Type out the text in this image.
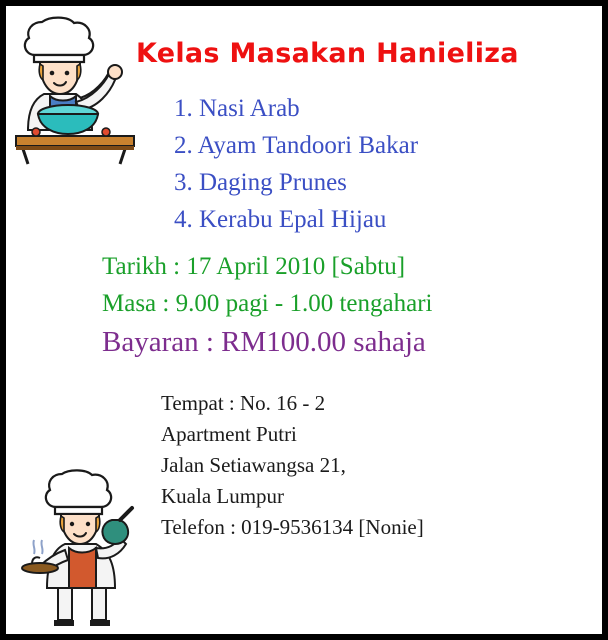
Kelas Masakan Hanieliza
1. Nasi Arab
2. Ayam Tandoori Bakar
3. Daging Prunes
4. Kerabu Epal Hijau
Tarikh : 17 April 2010 [Sabtu]
Masa : 9.00 pagi - 1.00 tengahari
Bayaran : RM100.00 sahaja
Tempat : No. 16 - 2
Apartment Putri
Jalan Setiawangsa 21,
Kuala Lumpur
Telefon : 019-9536134 [Nonie]
